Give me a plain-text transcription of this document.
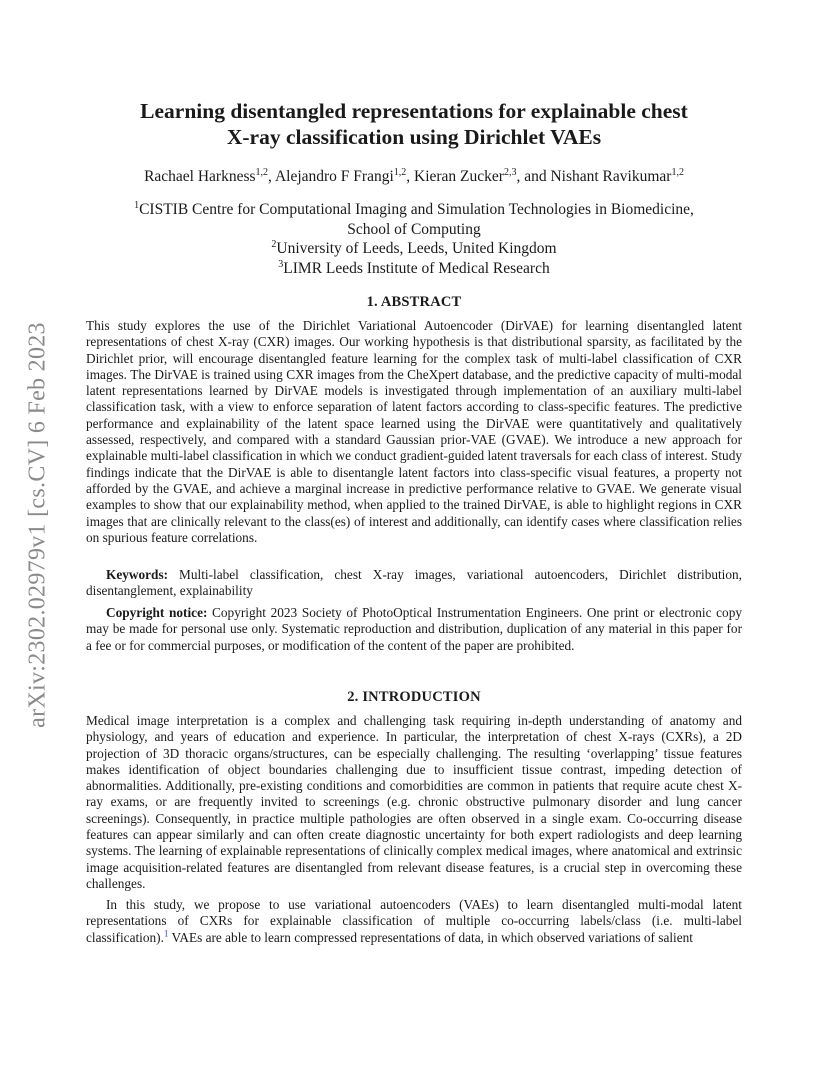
arXiv:2302.02979v1 [cs.CV] 6 Feb 2023
Learning disentangled representations for explainable chest
X-ray classification using Dirichlet VAEs
Rachael Harkness$^{1,2}$, Alejandro F Frangi$^{1,2}$, Kieran Zucker$^{2,3}$, and Nishant Ravikumar$^{1,2}$
$^1$CISTIB Centre for Computational Imaging and Simulation Technologies in Biomedicine,
School of Computing
$^2$University of Leeds, Leeds, United Kingdom
$^3$LIMR Leeds Institute of Medical Research
1. ABSTRACT
This study explores the use of the Dirichlet Variational Autoencoder (DirVAE) for learning disentangled latent representations of chest X-ray (CXR) images. Our working hypothesis is that distributional sparsity, as facilitated by the Dirichlet prior, will encourage disentangled feature learning for the complex task of multi-label classification of CXR images. The DirVAE is trained using CXR images from the CheXpert database, and the predictive capacity of multi-modal latent representations learned by DirVAE models is investigated through implementation of an auxiliary multi-label classification task, with a view to enforce separation of latent factors according to class-specific features. The predictive performance and explainability of the latent space learned using the DirVAE were quantitatively and qualitatively assessed, respectively, and compared with a standard Gaussian prior-VAE (GVAE). We introduce a new approach for explainable multi-label classification in which we conduct gradient-guided latent traversals for each class of interest. Study findings indicate that the DirVAE is able to disentangle latent factors into class-specific visual features, a property not afforded by the GVAE, and achieve a marginal increase in predictive performance relative to GVAE. We generate visual examples to show that our explainability method, when applied to the trained DirVAE, is able to highlight regions in CXR images that are clinically relevant to the class(es) of interest and additionally, can identify cases where classification relies on spurious feature correlations.
Keywords: Multi-label classification, chest X-ray images, variational autoencoders, Dirichlet distribution, disentanglement, explainability
Copyright notice: Copyright 2023 Society of PhotoOptical Instrumentation Engineers. One print or electronic copy may be made for personal use only. Systematic reproduction and distribution, duplication of any material in this paper for a fee or for commercial purposes, or modification of the content of the paper are prohibited.
2. INTRODUCTION
Medical image interpretation is a complex and challenging task requiring in-depth understanding of anatomy and physiology, and years of education and experience. In particular, the interpretation of chest X-rays (CXRs), a 2D projection of 3D thoracic organs/structures, can be especially challenging. The resulting ‘overlapping’ tissue features makes identification of object boundaries challenging due to insufficient tissue contrast, impeding detection of abnormalities. Additionally, pre-existing conditions and comorbidities are common in patients that require acute chest X-ray exams, or are frequently invited to screenings (e.g. chronic obstructive pulmonary disorder and lung cancer screenings). Consequently, in practice multiple pathologies are often observed in a single exam. Co-occurring disease features can appear similarly and can often create diagnostic uncertainty for both expert radiologists and deep learning systems. The learning of explainable representations of clinically complex medical images, where anatomical and extrinsic image acquisition-related features are disentangled from relevant disease features, is a crucial step in overcoming these challenges.
In this study, we propose to use variational autoencoders (VAEs) to learn disentangled multi-modal latent representations of CXRs for explainable classification of multiple co-occurring labels/class (i.e. multi-label classification).$^1$ VAEs are able to learn compressed representations of data, in which observed variations of salient
